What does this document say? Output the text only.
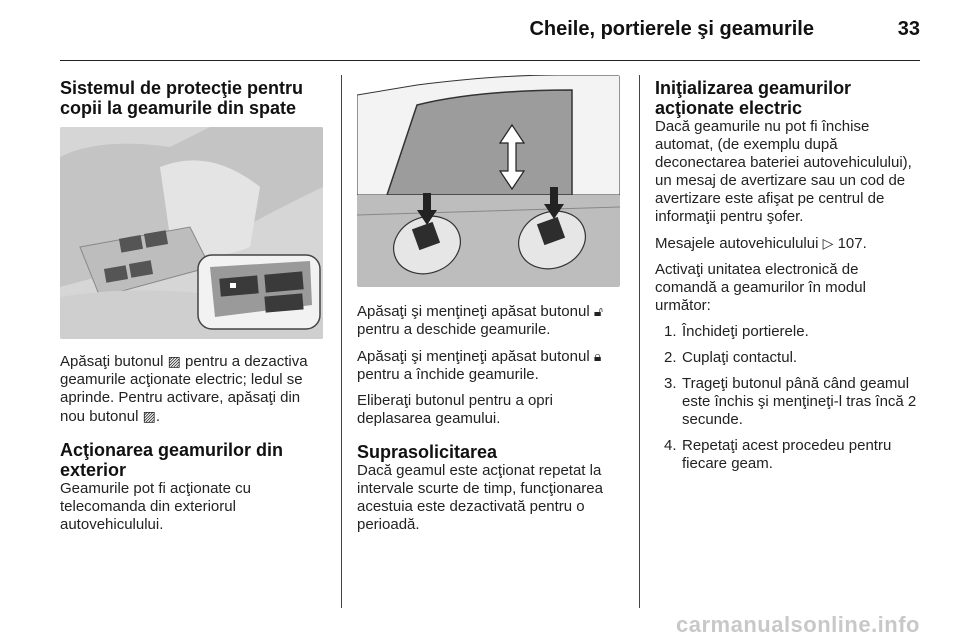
Cheile, portierele şi geamurile	33
Sistemul de protecţie pentru copii la geamurile din spate

Apăsaţi butonul ▨ pentru a dezactiva geamurile acţionate electric; ledul se aprinde. Pentru activare, apăsaţi din nou butonul ▨.

Acţionarea geamurilor din exterior

Geamurile pot fi acţionate cu telecomanda din exteriorul autovehiculului.

Apăsaţi şi menţineţi apăsat butonul 🔓︎ pentru a deschide geamurile.

Apăsaţi şi menţineţi apăsat butonul 🔒︎ pentru a închide geamurile.

Eliberaţi butonul pentru a opri deplasarea geamului.

Suprasolicitarea

Dacă geamul este acţionat repetat la intervale scurte de timp, funcţionarea acestuia este dezactivată pentru o perioadă.

Iniţializarea geamurilor acţionate electric

Dacă geamurile nu pot fi închise automat, (de exemplu după deconectarea bateriei autovehiculului), un mesaj de avertizare sau un cod de avertizare este afişat pe centrul de informaţii pentru şofer.

Mesajele autovehiculului ▷ 107.

Activaţi unitatea electronică de comandă a geamurilor în modul următor:

1. Închideţi portierele.
2. Cuplaţi contactul.
3. Trageţi butonul până când geamul este închis şi menţineţi-l tras încă 2 secunde.
4. Repetaţi acest procedeu pentru fiecare geam.
carmanualsonline.info
